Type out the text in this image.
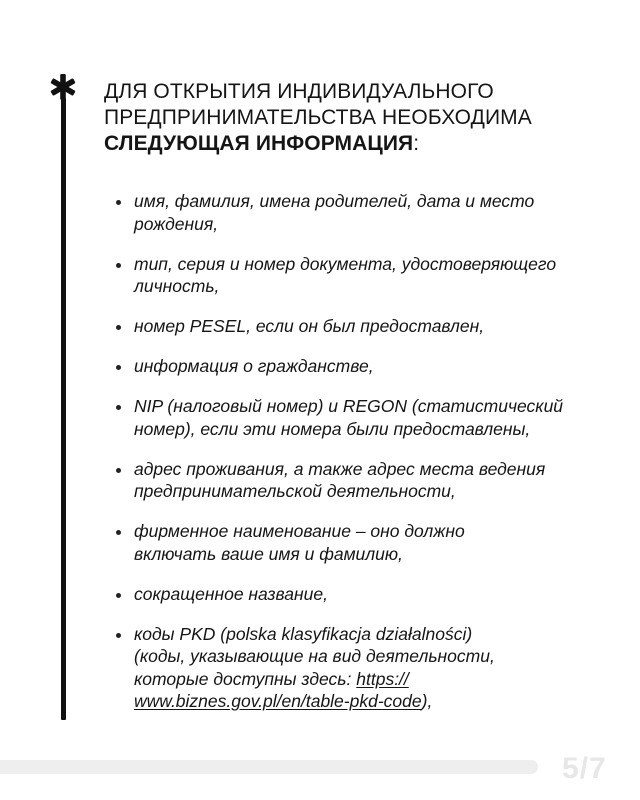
ДЛЯ ОТКРЫТИЯ ИНДИВИДУАЛЬНОГО
ПРЕДПРИНИМАТЕЛЬСТВА НЕОБХОДИМА
СЛЕДУЮЩАЯ ИНФОРМАЦИЯ:
имя, фамилия, имена родителей, дата и место
рождения,
тип, серия и номер документа, удостоверяющего
личность,
номер PESEL, если он был предоставлен,
информация о гражданстве,
NIP (налоговый номер) и REGON (статистический
номер), если эти номера были предоставлены,
адрес проживания, а также адрес места ведения
предпринимательской деятельности,
фирменное наименование – оно должно
включать ваше имя и фамилию,
сокращенное название,
коды PKD (polska klasyfikacja działalności)
(коды, указывающие на вид деятельности,
которые доступны здесь: https://
www.biznes.gov.pl/en/table-pkd-code),
5/7
